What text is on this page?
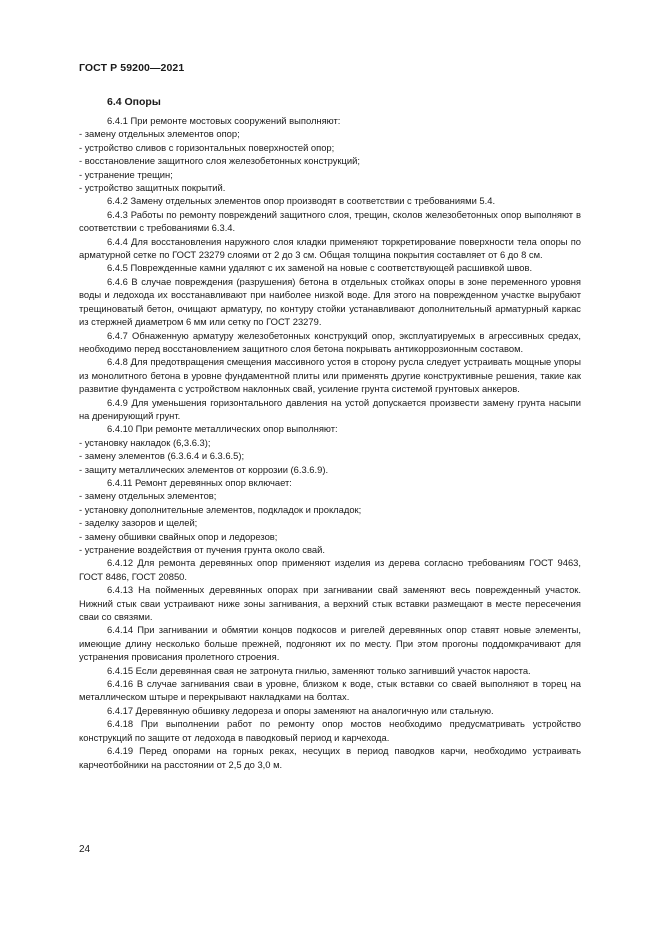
ГОСТ Р 59200—2021
6.4 Опоры

6.4.1 При ремонте мостовых сооружений выполняют:

- замену отдельных элементов опор;

- устройство сливов с горизонтальных поверхностей опор;

- восстановление защитного слоя железобетонных конструкций;

- устранение трещин;

- устройство защитных покрытий.

6.4.2 Замену отдельных элементов опор производят в соответствии с требованиями 5.4.

6.4.3 Работы по ремонту повреждений защитного слоя, трещин, сколов железобетонных опор выполняют в соответствии с требованиями 6.3.4.

6.4.4 Для восстановления наружного слоя кладки применяют торкретирование поверхности тела опоры по арматурной сетке по ГОСТ 23279 слоями от 2 до 3 см. Общая толщина покрытия составляет от 6 до 8 см.

6.4.5 Поврежденные камни удаляют с их заменой на новые с соответствующей расшивкой швов.

6.4.6 В случае повреждения (разрушения) бетона в отдельных стойках опоры в зоне переменного уровня воды и ледохода их восстанавливают при наиболее низкой воде. Для этого на поврежденном участке вырубают трещиноватый бетон, очищают арматуру, по контуру стойки устанавливают дополнительный арматурный каркас из стержней диаметром 6 мм или сетку по ГОСТ 23279.

6.4.7 Обнаженную арматуру железобетонных конструкций опор, эксплуатируемых в агрессивных средах, необходимо перед восстановлением защитного слоя бетона покрывать антикоррозионным составом.

6.4.8 Для предотвращения смещения массивного устоя в сторону русла следует устраивать мощные упоры из монолитного бетона в уровне фундаментной плиты или применять другие конструктивные решения, такие как развитие фундамента с устройством наклонных свай, усиление грунта системой грунтовых анкеров.

6.4.9 Для уменьшения горизонтального давления на устой допускается произвести замену грунта насыпи на дренирующий грунт.

6.4.10 При ремонте металлических опор выполняют:

- установку накладок (6,3.6.3);

- замену элементов (6.3.6.4 и 6.3.6.5);

- защиту металлических элементов от коррозии (6.3.6.9).

6.4.11 Ремонт деревянных опор включает:

- замену отдельных элементов;

- установку дополнительные элементов, подкладок и прокладок;

- заделку зазоров и щелей;

- замену обшивки свайных опор и ледорезов;

- устранение воздействия от пучения грунта около свай.

6.4.12 Для ремонта деревянных опор применяют изделия из дерева согласно требованиям ГОСТ 9463, ГОСТ 8486, ГОСТ 20850.

6.4.13 На пойменных деревянных опорах при загнивании свай заменяют весь поврежденный участок. Нижний стык сваи устраивают ниже зоны загнивания, а верхний стык вставки размещают в месте пересечения сваи со связями.

6.4.14 При загнивании и обмятии концов подкосов и ригелей деревянных опор ставят новые элементы, имеющие длину несколько больше прежней, подгоняют их по месту. При этом прогоны поддомкрачивают для устранения провисания пролетного строения.

6.4.15 Если деревянная свая не затронута гнилью, заменяют только загнивший участок нароста.

6.4.16 В случае загнивания сваи в уровне, близком к воде, стык вставки со сваей выполняют в торец на металлическом штыре и перекрывают накладками на болтах.

6.4.17 Деревянную обшивку ледореза и опоры заменяют на аналогичную или стальную.

6.4.18 При выполнении работ по ремонту опор мостов необходимо предусматривать устройство конструкций по защите от ледохода в паводковый период и карчехода.

6.4.19 Перед опорами на горных реках, несущих в период паводков карчи, необходимо устраивать карчеотбойники на расстоянии от 2,5 до 3,0 м.

24
